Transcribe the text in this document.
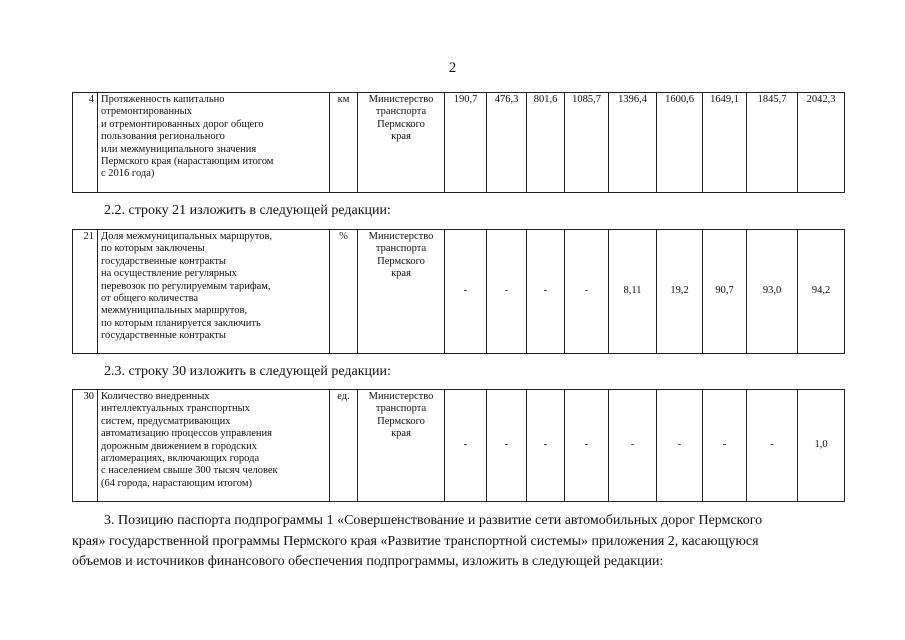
2
4	Протяженность капитально
отремонтированных
и отремонтированных дорог общего
пользования регионального
или межмуниципального значения
Пермского края (нарастающим итогом
с 2016 года)
	км	Министерство
транспорта
Пермского
края
	190,7	476,3	801,6	1085,7	1396,4	1600,6	1649,1	1845,7	2042,3
2.2. строку 21 изложить в следующей редакции:
21	Доля межмуниципальных маршрутов,
по которым заключены
государственные контракты
на осуществление регулярных
перевозок по регулируемым тарифам,
от общего количества
межмуниципальных маршрутов,
по которым планируется заключить
государственные контракты
	%	Министерство
транспорта
Пермского
края
	-	-	-	-	8,11	19,2	90,7	93,0	94,2
2.3. строку 30 изложить в следующей редакции:
30	Количество внедренных
интеллектуальных транспортных
систем, предусматривающих
автоматизацию процессов управления
дорожным движением в городских
агломерациях, включающих города
с населением свыше 300 тысяч человек
(64 города, нарастающим итогом)
	ед.	Министерство
транспорта
Пермского
края
	-	-	-	-	-	-	-	-	1,0
3. Позицию паспорта подпрограммы 1 «Совершенствование и развитие сети автомобильных дорог Пермского
края» государственной программы Пермского края «Развитие транспортной системы» приложения 2, касающуюся
объемов и источников финансового обеспечения подпрограммы, изложить в следующей редакции:
